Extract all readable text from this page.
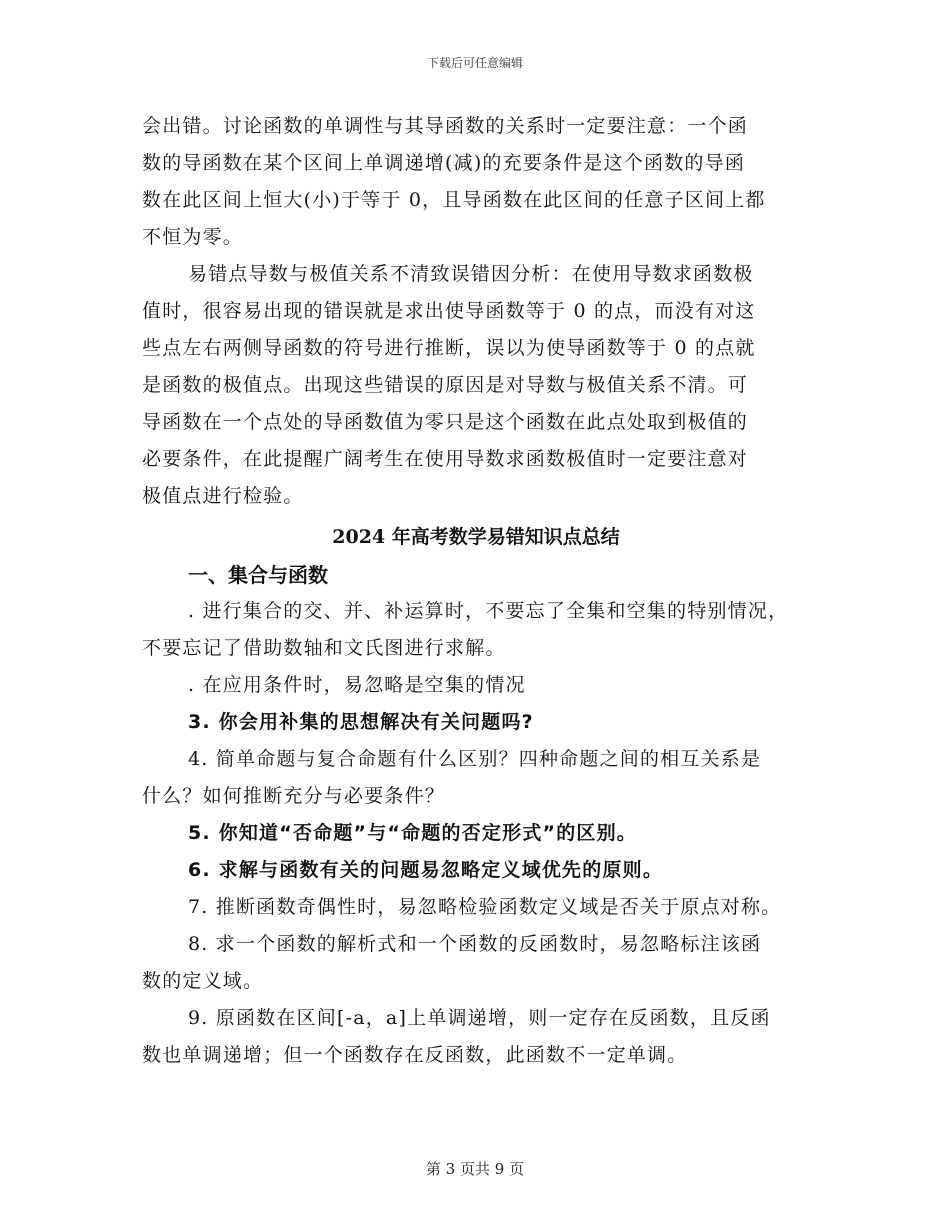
下载后可任意编辑
会出错。讨论函数的单调性与其导函数的关系时一定要注意：一个函
数的导函数在某个区间上单调递增(减)的充要条件是这个函数的导函
数在此区间上恒大(小)于等于 0，且导函数在此区间的任意子区间上都
不恒为零。
易错点导数与极值关系不清致误错因分析：在使用导数求函数极
值时，很容易出现的错误就是求出使导函数等于 0 的点，而没有对这
些点左右两侧导函数的符号进行推断，误以为使导函数等于 0 的点就
是函数的极值点。出现这些错误的原因是对导数与极值关系不清。可
导函数在一个点处的导函数值为零只是这个函数在此点处取到极值的
必要条件，在此提醒广阔考生在使用导数求函数极值时一定要注意对
极值点进行检验。
2024 年高考数学易错知识点总结
一、集合与函数
. 进行集合的交、并、补运算时，不要忘了全集和空集的特别情况，
不要忘记了借助数轴和文氏图进行求解。
. 在应用条件时，易忽略是空集的情况
3. 你会用补集的思想解决有关问题吗?
4. 简单命题与复合命题有什么区别？四种命题之间的相互关系是
什么？如何推断充分与必要条件？
5. 你知道“否命题”与“命题的否定形式”的区别。
6. 求解与函数有关的问题易忽略定义域优先的原则。
7. 推断函数奇偶性时，易忽略检验函数定义域是否关于原点对称。
8. 求一个函数的解析式和一个函数的反函数时，易忽略标注该函
数的定义域。
9. 原函数在区间[-a，a]上单调递增，则一定存在反函数，且反函
数也单调递增；但一个函数存在反函数，此函数不一定单调。
第 3 页共 9 页
